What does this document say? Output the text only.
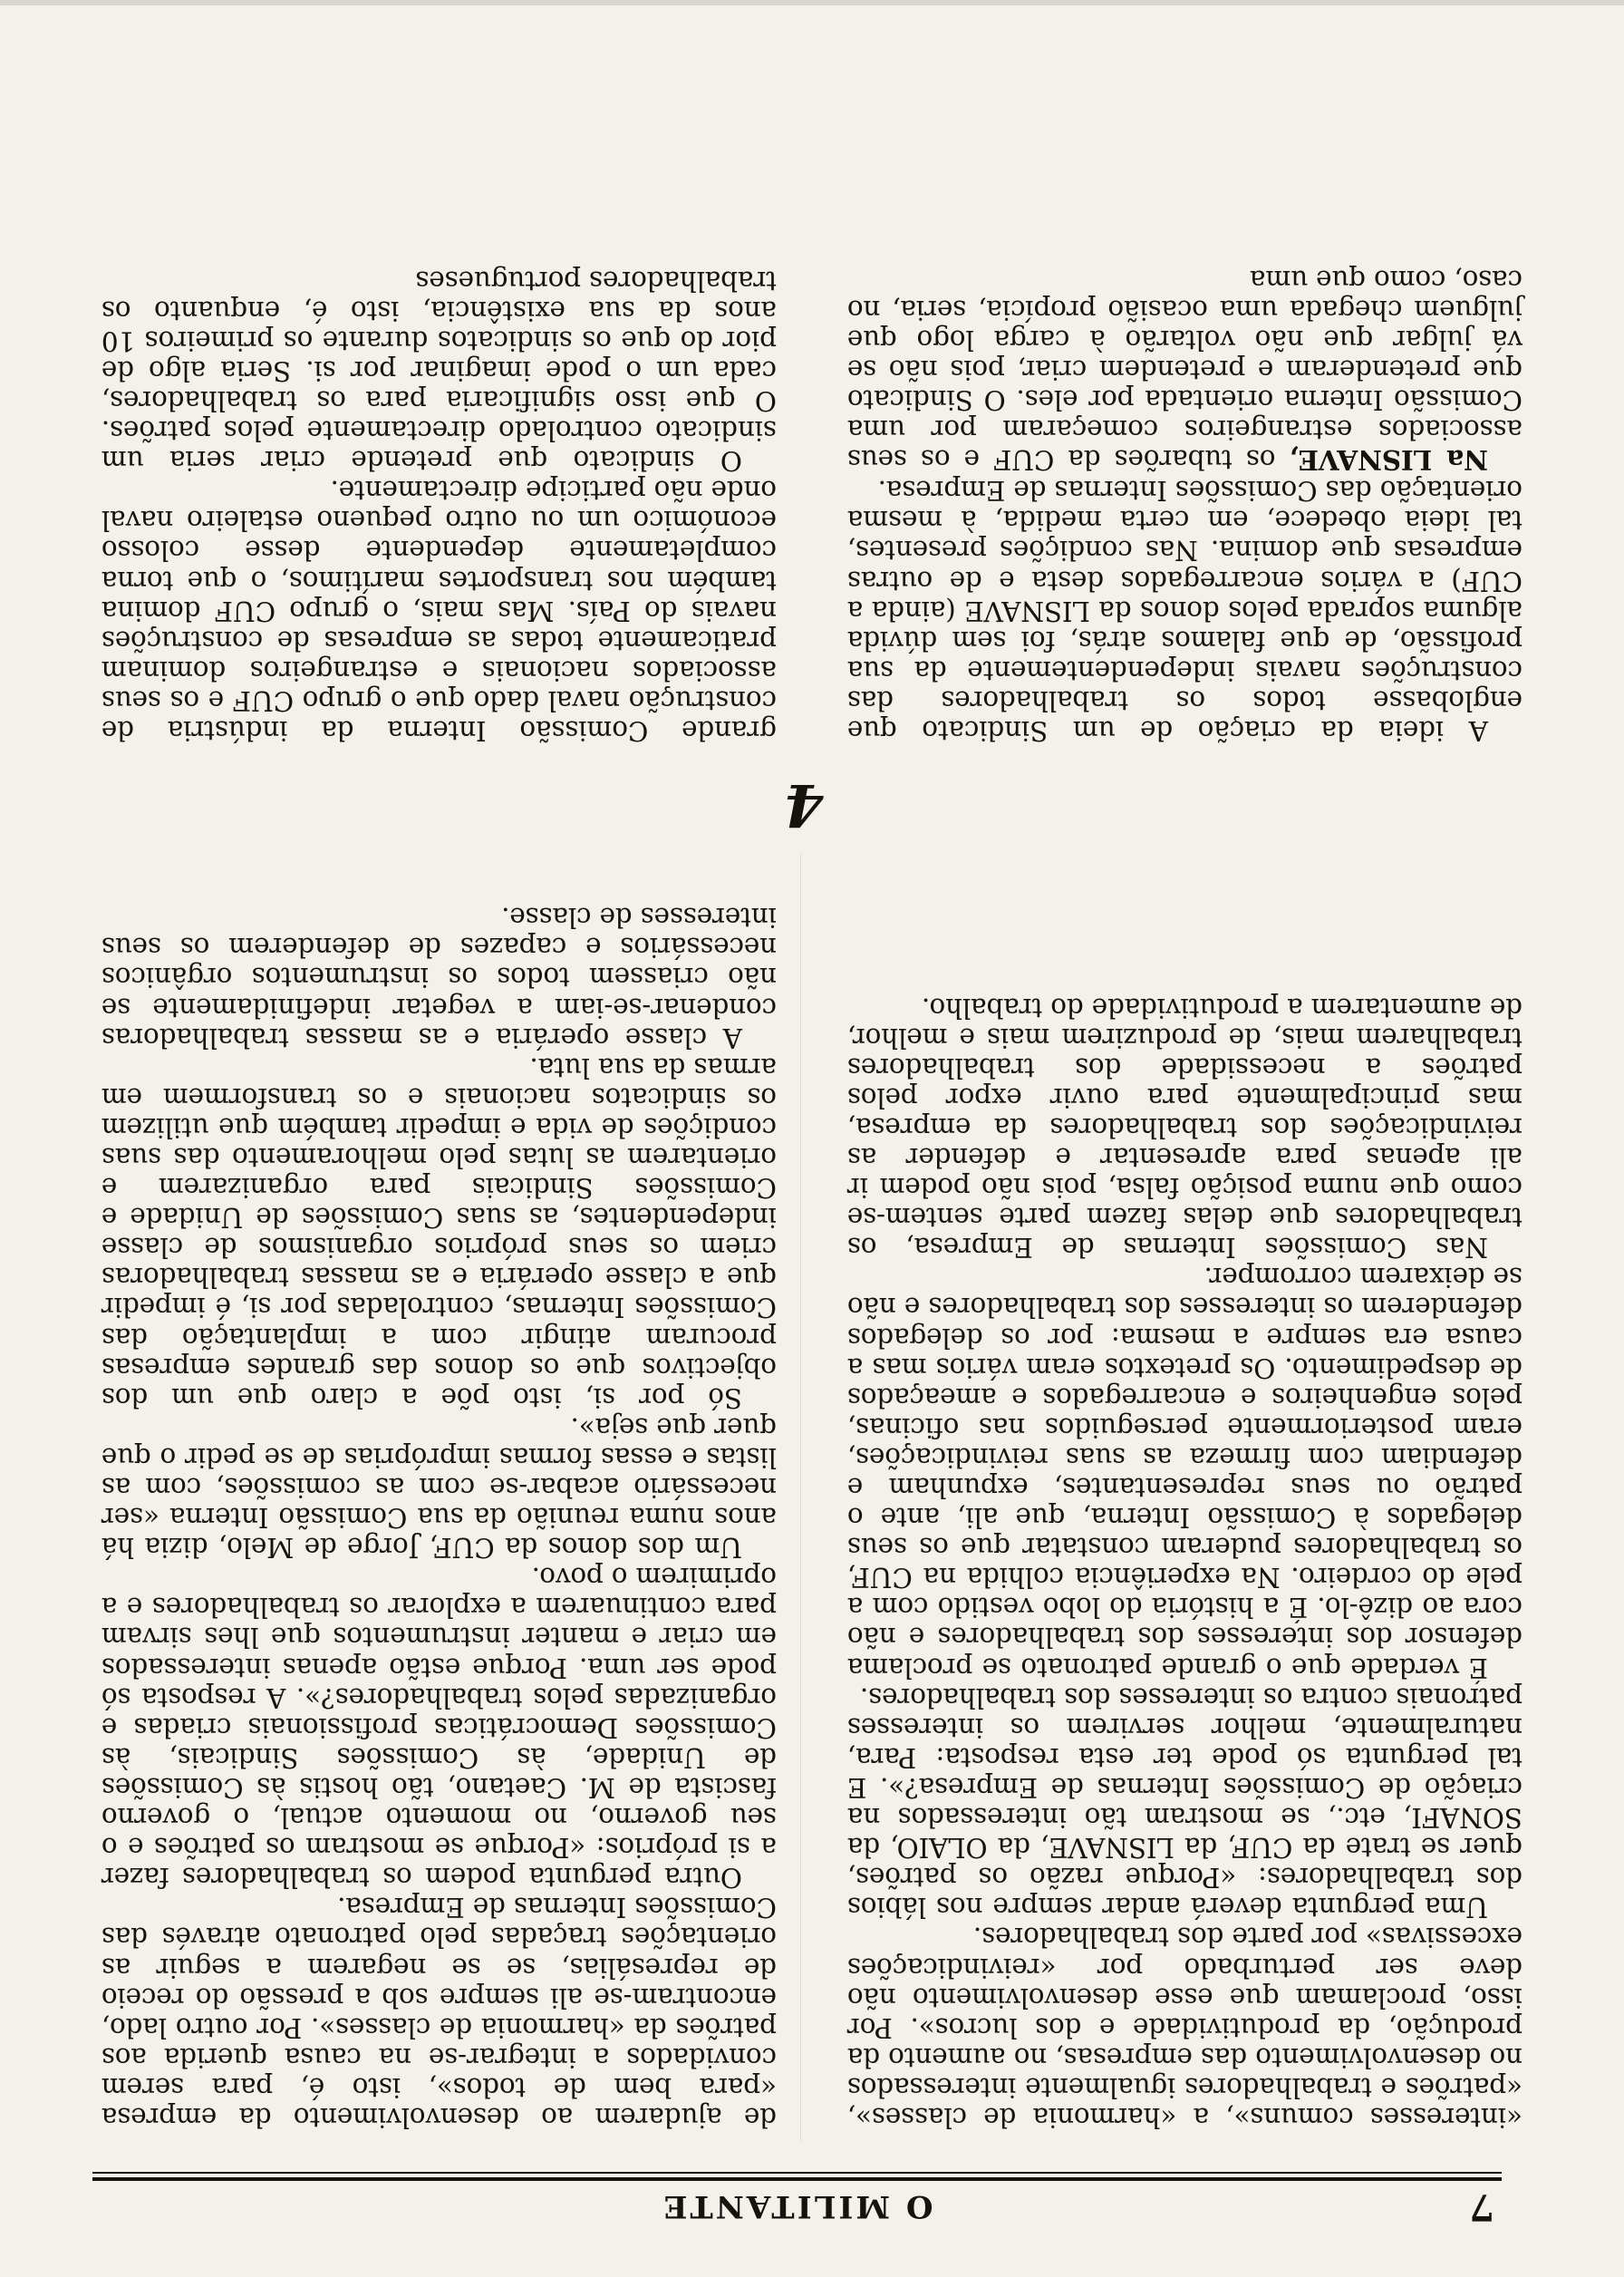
7
O MILITANTE

«interesses comuns», a «harmonia de classes», «patrões e trabalhadores igualmente interessados no desenvolvimento das empresas, no aumento da produção, da produtividade e dos lucros». Por isso, proclamam que esse desenvolvimento não deve ser perturbado por «reivindicações excessivas» por parte dos trabalhadores.

Uma pergunta deverá andar sempre nos lábios dos trabalhadores: «Porque razão os patrões, quer se trate da CUF, da LISNAVE, da OLAIO, da SONAFI, etc., se mostram tão interessados na criação de Comissões Internas de Empresa?». E tal pergunta só pode ter esta resposta: Para, naturalmente, melhor servirem os interesses patronais contra os interesses dos trabalhadores.

É verdade que o grande patronato se proclama defensor dos interesses dos trabalhadores e não cora ao dizê-lo. É a história do lobo vestido com a pele do cordeiro. Na experiência colhida na CUF, os trabalhadores puderam constatar que os seus delegados à Comissão Interna, que ali, ante o patrão ou seus representantes, expunham e defendiam com firmeza as suas reivindicações, eram posteriormente perseguidos nas oficinas, pelos engenheiros e encarregados e ameaçados de despedimento. Os pretextos eram vários mas a causa era sempre a mesma: por os delegados defenderem os interesses dos trabalhadores e não se deixarem corromper.

Nas Comissões Internas de Empresa, os trabalhadores que delas fazem parte sentem-se como que numa posição falsa, pois não podem ir ali apenas para apresentar e defender as reivindicações dos trabalhadores da empresa, mas principalmente para ouvir expor pelos patrões a necessidade dos trabalhadores trabalharem mais, de produzirem mais e melhor, de aumentarem a produtividade do trabalho.

de ajudarem ao desenvolvimento da empresa «para bem de todos», isto é, para serem convidados a integrar-se na causa querida aos patrões da «harmonia de classes». Por outro lado, encontram-se ali sempre sob a pressão do receio de represálias, se se negarem a seguir as orientações traçadas pelo patronato através das Comissões Internas de Empresa.

Outra pergunta podem os trabalhadores fazer a si próprios: «Porque se mostram os patrões e o seu governo, no momento actual, o governo fascista de M. Caetano, tão hostis às Comissões de Unidade, às Comissões Sindicais, às Comissões Democráticas profissionais criadas e organizadas pelos trabalhadores?». A resposta só pode ser uma. Porque estão apenas interessados em criar e manter instrumentos que lhes sirvam para continuarem a explorar os trabalhadores e a oprimirem o povo.

Um dos donos da CUF, Jorge de Melo, dizia há anos numa reunião da sua Comissão Interna «ser necessário acabar-se com as comissões, com as listas e essas formas impróprias de se pedir o que quer que seja».

Só por si, isto põe a claro que um dos objectivos que os donos das grandes empresas procuram atingir com a implantação das Comissões Internas, controladas por si, é impedir que a classe operária e as massas trabalhadoras criem os seus próprios organismos de classe independentes, as suas Comissões de Unidade e Comissões Sindicais para organizarem e orientarem as lutas pelo melhoramento das suas condições de vida e impedir também que utilizem os sindicatos nacionais e os transformem em armas da sua luta.

A classe operária e as massas trabalhadoras condenar-se-iam a vegetar indefinidamente se não criassem todos os instrumentos orgânicos necessários e capazes de defenderem os seus interesses de classe.

4

A ideia da criação de um Sindicato que englobasse todos os trabalhadores das construções navais independentemente da sua profissão, de que falamos atrás, foi sem dúvida alguma soprada pelos donos da LISNAVE (ainda a CUF) a vários encarregados desta e de outras empresas que domina. Nas condições presentes, tal ideia obedece, em certa medida, à mesma orientação das Comissões Internas de Empresa.

Na LISNAVE, os tubarões da CUF e os seus associados estrangeiros começaram por uma Comissão Interna orientada por eles. O Sindicato que pretenderam e pretendem criar, pois não se vá julgar que não voltarão à carga logo que julguem chegada uma ocasião propícia, seria, no caso, como que uma

grande Comissão Interna da indústria de construção naval dado que o grupo CUF e os seus associados nacionais e estrangeiros dominam praticamente todas as empresas de construções navais do País. Mas mais, o grupo CUF domina também nos transportes marítimos, o que torna completamente dependente desse colosso económico um ou outro pequeno estaleiro naval onde não participe directamente.

O sindicato que pretende criar seria um sindicato controlado directamente pelos patrões. O que isso significaria para os trabalhadores, cada um o pode imaginar por si. Seria algo de pior do que os sindicatos durante os primeiros 10 anos da sua existência, isto é, enquanto os trabalhadores portugueses
